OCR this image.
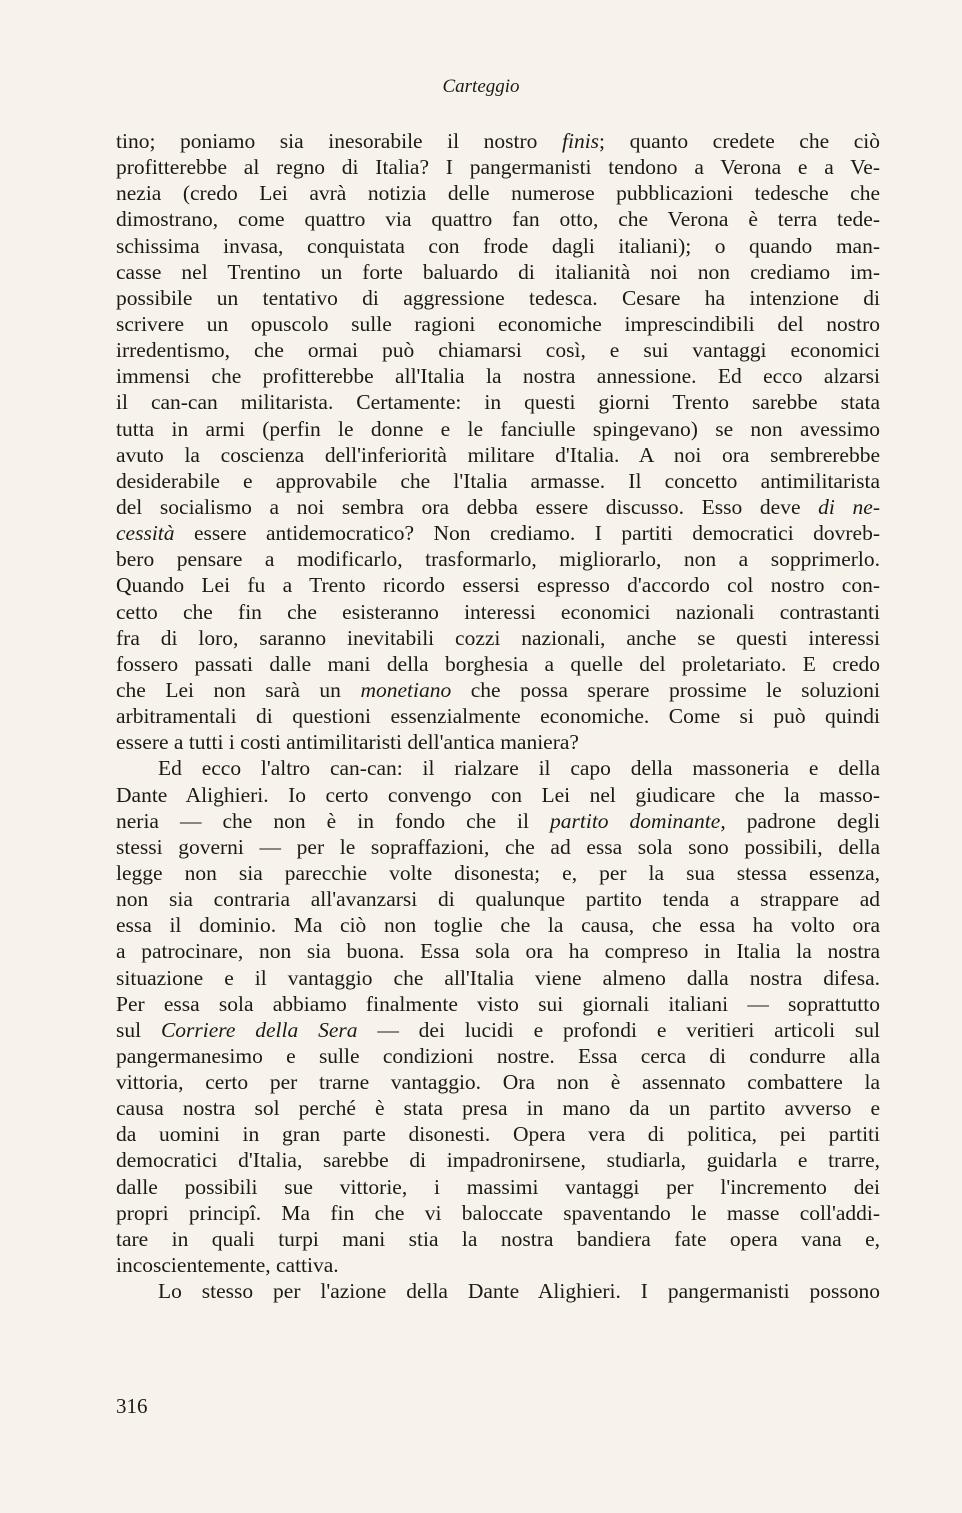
Carteggio
tino; poniamo sia inesorabile il nostro finis; quanto credete che ciò
profitterebbe al regno di Italia? I pangermanisti tendono a Verona e a Ve-
nezia (credo Lei avrà notizia delle numerose pubblicazioni tedesche che
dimostrano, come quattro via quattro fan otto, che Verona è terra tede-
schissima invasa, conquistata con frode dagli italiani); o quando man-
casse nel Trentino un forte baluardo di italianità noi non crediamo im-
possibile un tentativo di aggressione tedesca. Cesare ha intenzione di
scrivere un opuscolo sulle ragioni economiche imprescindibili del nostro
irredentismo, che ormai può chiamarsi così, e sui vantaggi economici
immensi che profitterebbe all'Italia la nostra annessione. Ed ecco alzarsi
il can-can militarista. Certamente: in questi giorni Trento sarebbe stata
tutta in armi (perfin le donne e le fanciulle spingevano) se non avessimo
avuto la coscienza dell'inferiorità militare d'Italia. A noi ora sembrerebbe
desiderabile e approvabile che l'Italia armasse. Il concetto antimilitarista
del socialismo a noi sembra ora debba essere discusso. Esso deve di ne-
cessità essere antidemocratico? Non crediamo. I partiti democratici dovreb-
bero pensare a modificarlo, trasformarlo, migliorarlo, non a sopprimerlo.
Quando Lei fu a Trento ricordo essersi espresso d'accordo col nostro con-
cetto che fin che esisteranno interessi economici nazionali contrastanti
fra di loro, saranno inevitabili cozzi nazionali, anche se questi interessi
fossero passati dalle mani della borghesia a quelle del proletariato. E credo
che Lei non sarà un monetiano che possa sperare prossime le soluzioni
arbitramentali di questioni essenzialmente economiche. Come si può quindi
essere a tutti i costi antimilitaristi dell'antica maniera?
Ed ecco l'altro can-can: il rialzare il capo della massoneria e della
Dante Alighieri. Io certo convengo con Lei nel giudicare che la masso-
neria — che non è in fondo che il partito dominante, padrone degli
stessi governi — per le sopraffazioni, che ad essa sola sono possibili, della
legge non sia parecchie volte disonesta; e, per la sua stessa essenza,
non sia contraria all'avanzarsi di qualunque partito tenda a strappare ad
essa il dominio. Ma ciò non toglie che la causa, che essa ha volto ora
a patrocinare, non sia buona. Essa sola ora ha compreso in Italia la nostra
situazione e il vantaggio che all'Italia viene almeno dalla nostra difesa.
Per essa sola abbiamo finalmente visto sui giornali italiani — soprattutto
sul Corriere della Sera — dei lucidi e profondi e veritieri articoli sul
pangermanesimo e sulle condizioni nostre. Essa cerca di condurre alla
vittoria, certo per trarne vantaggio. Ora non è assennato combattere la
causa nostra sol perché è stata presa in mano da un partito avverso e
da uomini in gran parte disonesti. Opera vera di politica, pei partiti
democratici d'Italia, sarebbe di impadronirsene, studiarla, guidarla e trarre,
dalle possibili sue vittorie, i massimi vantaggi per l'incremento dei
propri principî. Ma fin che vi baloccate spaventando le masse coll'addi-
tare in quali turpi mani stia la nostra bandiera fate opera vana e,
incoscientemente, cattiva.
Lo stesso per l'azione della Dante Alighieri. I pangermanisti possono
316
